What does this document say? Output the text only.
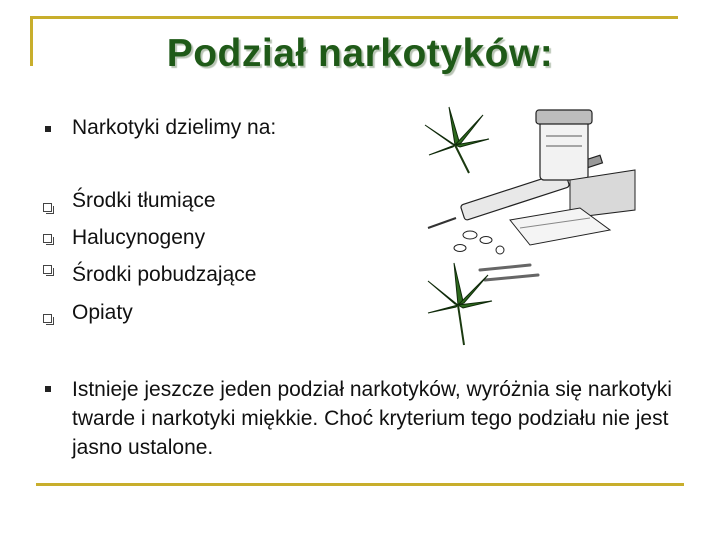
Podział narkotyków:
Narkotyki dzielimy na:
Środki tłumiące
Halucynogeny
Środki pobudzające
Opiaty
Istnieje jeszcze jeden podział narkotyków, wyróżnia się narkotyki twarde i narkotyki miękkie. Choć kryterium tego podziału nie jest jasno ustalone.
